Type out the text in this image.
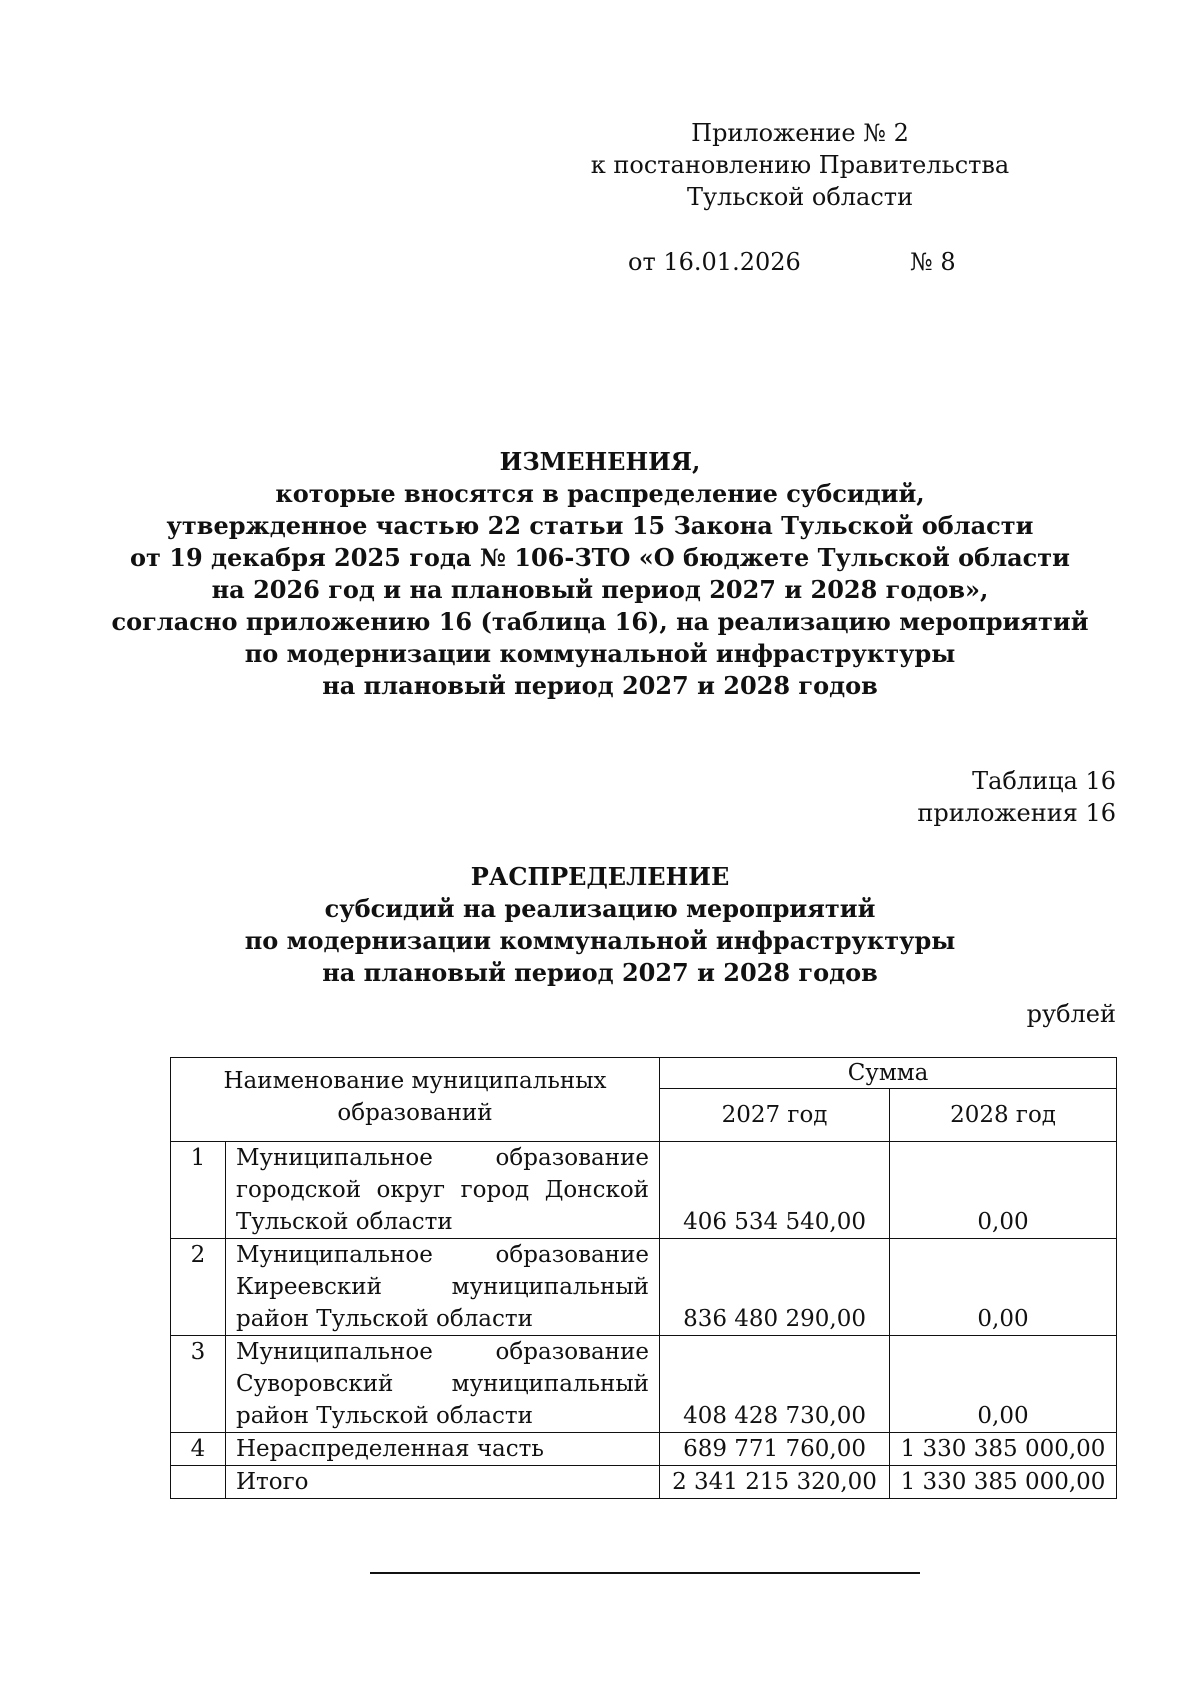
Приложение № 2
к постановлению Правительства
Тульской области
от 16.01.2026	№ 8
ИЗМЕНЕНИЯ,
которые вносятся в распределение субсидий,
утвержденное частью 22 статьи 15 Закона Тульской области
от 19 декабря 2025 года № 106-ЗТО «О бюджете Тульской области
на 2026 год и на плановый период 2027 и 2028 годов»,
согласно приложению 16 (таблица 16), на реализацию мероприятий
по модернизации коммунальной инфраструктуры
на плановый период 2027 и 2028 годов
Таблица 16
приложения 16
РАСПРЕДЕЛЕНИЕ
субсидий на реализацию мероприятий
по модернизации коммунальной инфраструктуры
на плановый период 2027 и 2028 годов
рублей
Наименование муниципальных
образований		Сумма	
		2027 год	2028 год
1	Муниципальное образование
городской округ город Донской
Тульской области	406 534 540,00	0,00
2	Муниципальное образование
Киреевский муниципальный
район Тульской области	836 480 290,00	0,00
3	Муниципальное образование
Суворовский муниципальный
район Тульской области	408 428 730,00	0,00
4	Нераспределенная часть	689 771 760,00	1 330 385 000,00
	Итого	2 341 215 320,00	1 330 385 000,00
